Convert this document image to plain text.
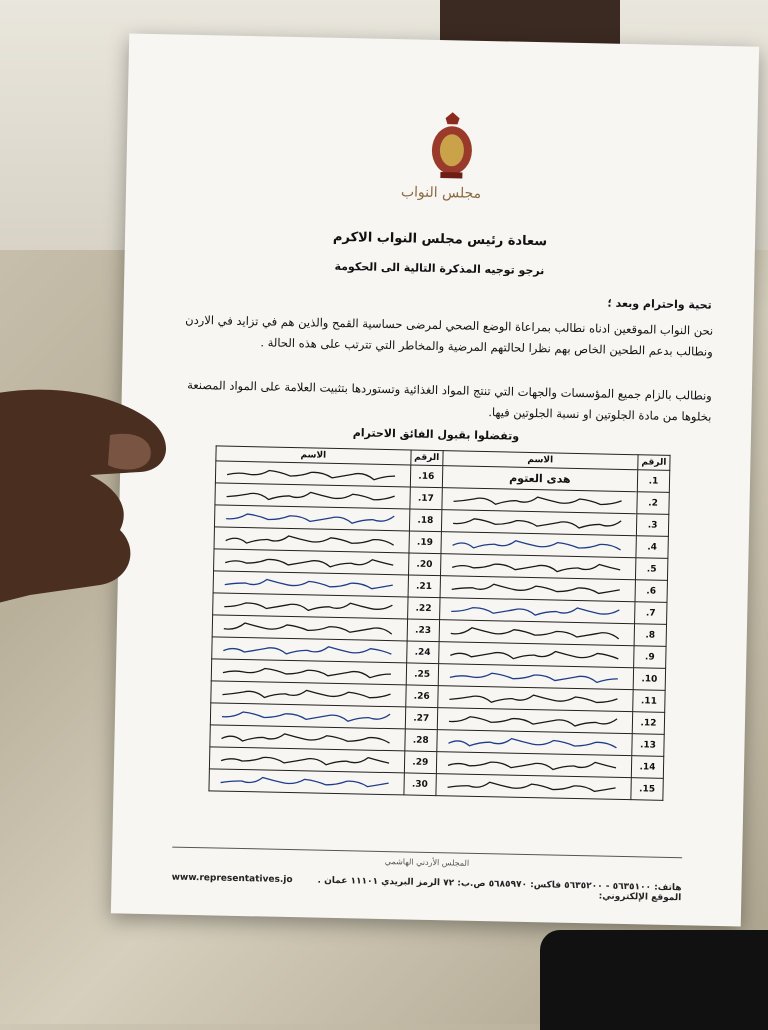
مجلس النواب
سعادة رئيس مجلس النواب الاكرم
نرجو توجيه المذكرة التالية الى الحكومة
تحية واحترام وبعد ؛
نحن النواب الموقعين ادناه نطالب بمراعاة الوضع الصحي لمرضى حساسية القمح والذين هم في تزايد في الاردن ونطالب بدعم الطحين الخاص بهم نظرا لحالتهم المرضية والمخاطر التي تترتب على هذه الحالة .
ونطالب بالزام جميع المؤسسات والجهات التي تنتج المواد الغذائية وتستوردها بتثبيت العلامة على المواد المصنعة بخلوها من مادة الجلوتين او نسبة الجلوتين فيها.
وتفضلوا بقبول الفائق الاحترام
الرقم	الاسم	الرقم	الاسم
1.	هدى العتوم	16.	

2.		17.	

3.		18.	

4.		19.	

5.		20.	

6.		21.	

7.		22.	

8.		23.	

9.		24.	

10.		25.	

11.		26.	

12.		27.	

13.		28.	

14.		29.	

15.		30.	
المجلس الأردني الهاشمي
www.representatives.jo	هاتف: ٥٦٣٥١٠٠ - ٥٦٣٥٢٠٠ فاكس: ٥٦٨٥٩٧٠ ص.ب: ٧٢ الرمز البريدي ١١١٠١ عمان . الموقع الإلكتروني:
